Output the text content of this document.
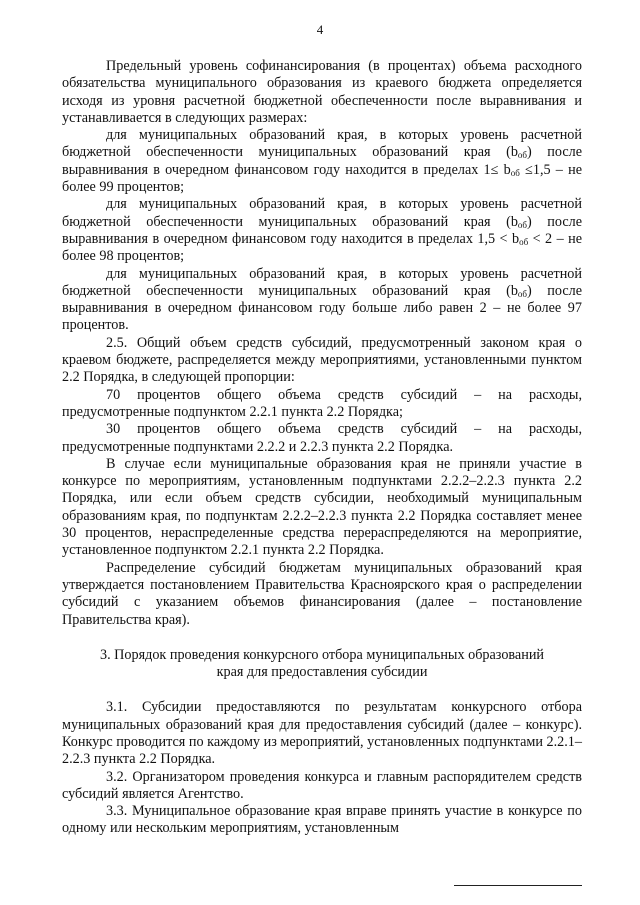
4

Предельный уровень софинансирования (в процентах) объема расходного обязательства муниципального образования из краевого бюджета определяется исходя из уровня расчетной бюджетной обеспеченности после выравнивания и устанавливается в следующих размерах:

для муниципальных образований края, в которых уровень расчетной бюджетной обеспеченности муниципальных образований края $(b_{об})$ после выравнивания в очередном финансовом году находится в пределах $1\le b_{об} \le 1,5$ – не более 99 процентов;

для муниципальных образований края, в которых уровень расчетной бюджетной обеспеченности муниципальных образований края $(b_{об})$ после выравнивания в очередном финансовом году находится в пределах $1,5 < b_{об} < 2$ – не более 98 процентов;

для муниципальных образований края, в которых уровень расчетной бюджетной обеспеченности муниципальных образований края $(b_{об})$ после выравнивания в очередном финансовом году больше либо равен 2 – не более 97 процентов.

2.5. Общий объем средств субсидий, предусмотренный законом края о краевом бюджете, распределяется между мероприятиями, установленными пунктом 2.2 Порядка, в следующей пропорции:

70 процентов общего объема средств субсидий – на расходы, предусмотренные подпунктом 2.2.1 пункта 2.2 Порядка;

30 процентов общего объема средств субсидий – на расходы, предусмотренные подпунктами 2.2.2 и 2.2.3 пункта 2.2 Порядка.

В случае если муниципальные образования края не приняли участие в конкурсе по мероприятиям, установленным подпунктами 2.2.2–2.2.3 пункта 2.2 Порядка, или если объем средств субсидии, необходимый муниципальным образованиям края, по подпунктам 2.2.2–2.2.3 пункта 2.2 Порядка составляет менее 30 процентов, нераспределенные средства перераспределяются на мероприятие, установленное подпунктом 2.2.1 пункта 2.2 Порядка.

Распределение субсидий бюджетам муниципальных образований края утверждается постановлением Правительства Красноярского края о распределении субсидий с указанием объемов финансирования (далее – постановление Правительства края).

3. Порядок проведения конкурсного отбора муниципальных образований

края для предоставления субсидии

3.1. Субсидии предоставляются по результатам конкурсного отбора муниципальных образований края для предоставления субсидий (далее – конкурс). Конкурс проводится по каждому из мероприятий, установленных подпунктами 2.2.1–2.2.3 пункта 2.2 Порядка.

3.2. Организатором проведения конкурса и главным распорядителем средств субсидий является Агентство.

3.3. Муниципальное образование края вправе принять участие в конкурсе по одному или нескольким мероприятиям, установленным
